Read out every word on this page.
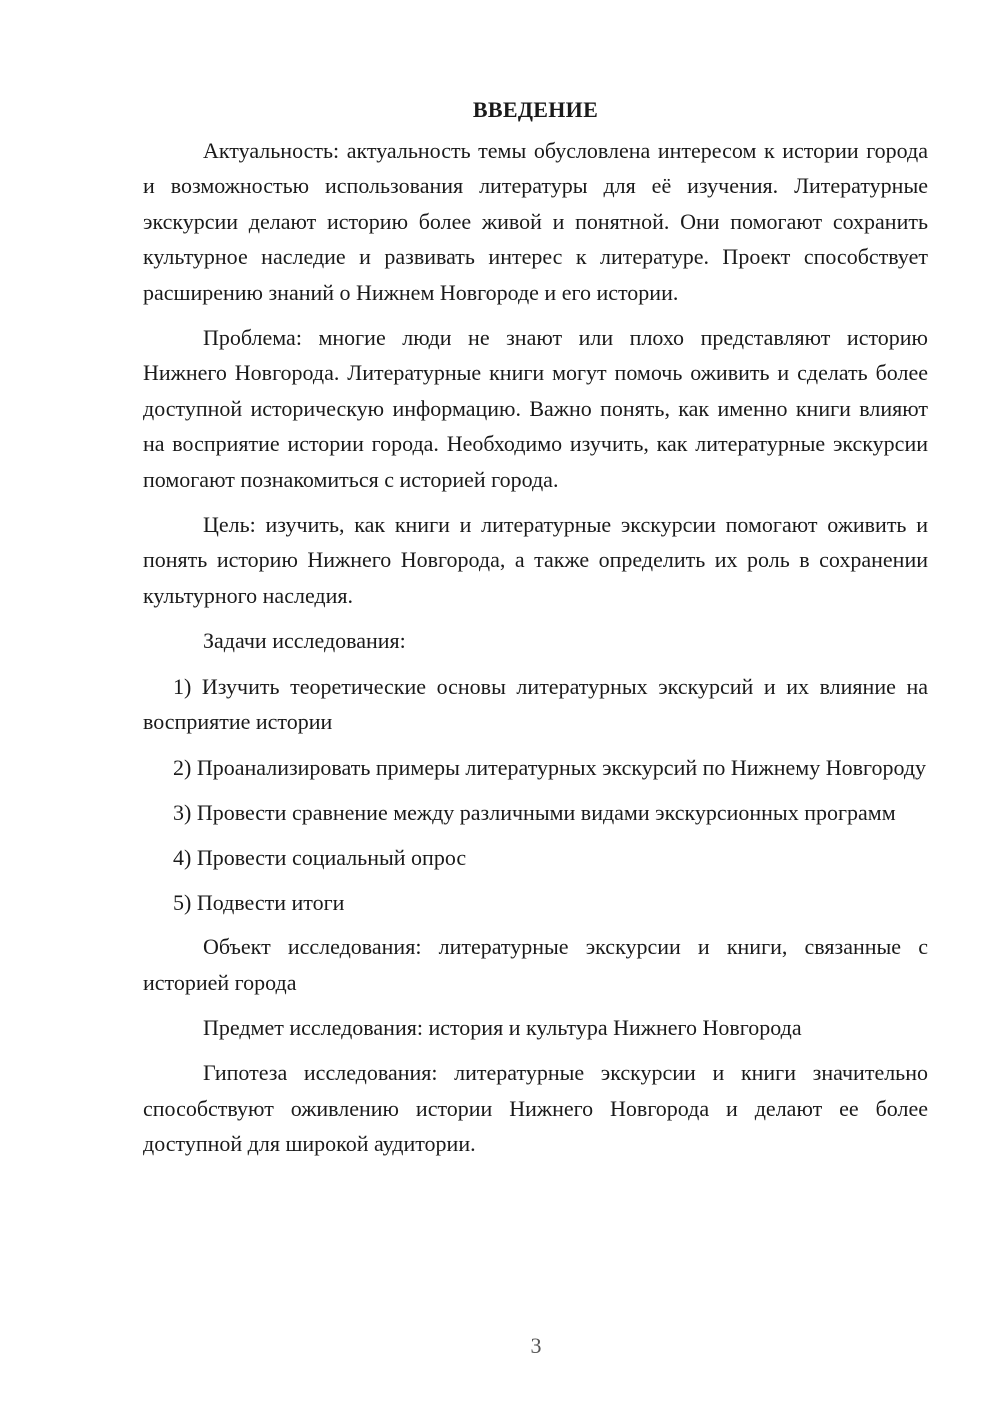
ВВЕДЕНИЕ

Актуальность: актуальность темы обусловлена интересом к истории города и возможностью использования литературы для её изучения. Литературные экскурсии делают историю более живой и понятной. Они помогают сохранить культурное наследие и развивать интерес к литературе. Проект способствует расширению знаний о Нижнем Новгороде и его истории.

Проблема: многие люди не знают или плохо представляют историю Нижнего Новгорода. Литературные книги могут помочь оживить и сделать более доступной историческую информацию. Важно понять, как именно книги влияют на восприятие истории города. Необходимо изучить, как литературные экскурсии помогают познакомиться с историей города.

Цель: изучить, как книги и литературные экскурсии помогают оживить и понять историю Нижнего Новгорода, а также определить их роль в сохранении культурного наследия.

Задачи исследования:

1) Изучить теоретические основы литературных экскурсий и их влияние на восприятие истории

2) Проанализировать примеры литературных экскурсий по Нижнему Новгороду

3) Провести сравнение между различными видами экскурсионных программ

4) Провести социальный опрос

5) Подвести итоги

Объект исследования: литературные экскурсии и книги, связанные с историей города

Предмет исследования: история и культура Нижнего Новгорода

Гипотеза исследования: литературные экскурсии и книги значительно способствуют оживлению истории Нижнего Новгорода и делают ее более доступной для широкой аудитории.

3
